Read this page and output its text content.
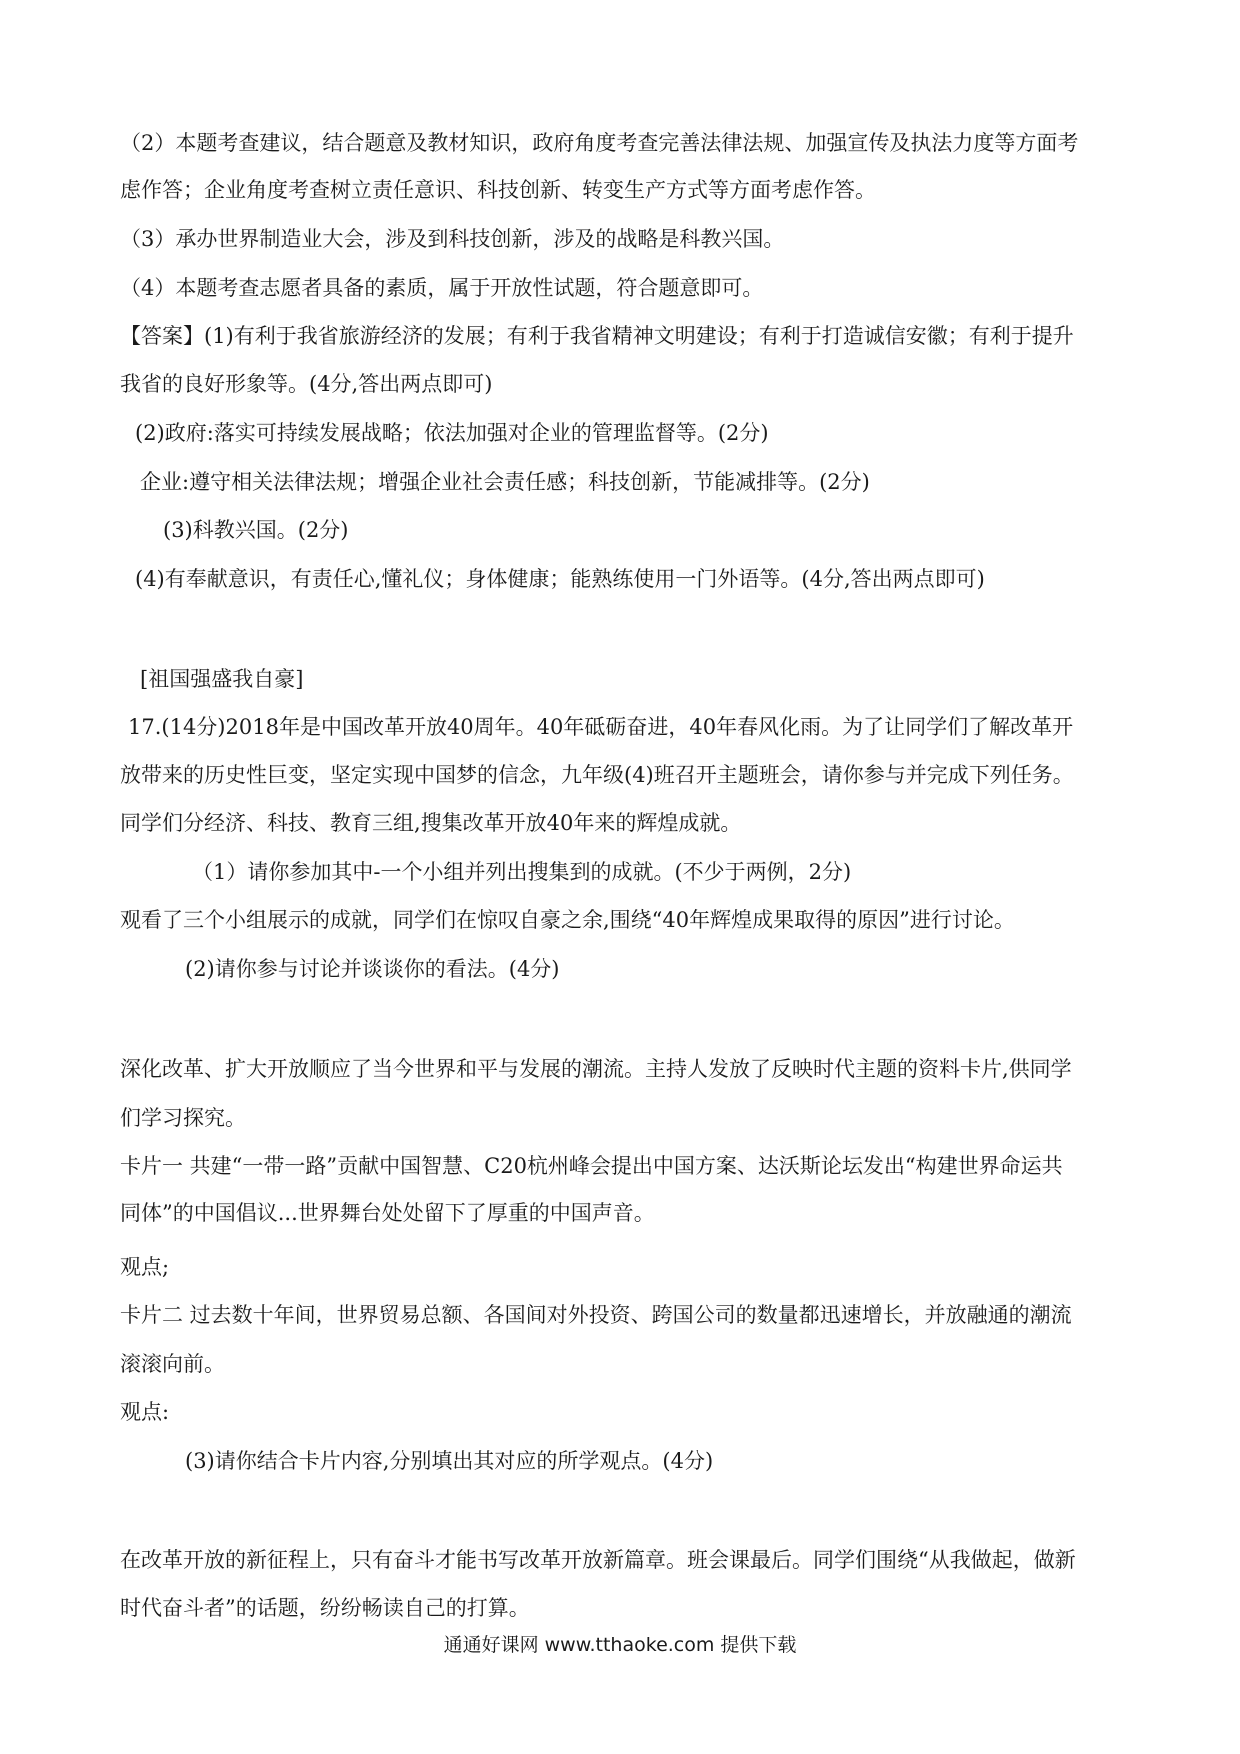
（2）本题考查建议，结合题意及教材知识，政府角度考查完善法律法规、加强宣传及执法力度等方面考
虑作答；企业角度考查树立责任意识、科技创新、转变生产方式等方面考虑作答。
（3）承办世界制造业大会，涉及到科技创新，涉及的战略是科教兴国。
（4）本题考查志愿者具备的素质，属于开放性试题，符合题意即可。
【答案】(1)有利于我省旅游经济的发展；有利于我省精神文明建设；有利于打造诚信安徽；有利于提升
我省的良好形象等。(4分,答出两点即可)
(2)政府:落实可持续发展战略；依法加强对企业的管理监督等。(2分)
企业:遵守相关法律法规；增强企业社会责任感；科技创新，节能减排等。(2分)
(3)科教兴国。(2分)
(4)有奉献意识，有责任心,懂礼仪；身体健康；能熟练使用一门外语等。(4分,答出两点即可)
[祖国强盛我自豪]
17.(14分)2018年是中国改革开放40周年。40年砥砺奋进，40年春风化雨。为了让同学们了解改革开
放带来的历史性巨变，坚定实现中国梦的信念，九年级(4)班召开主题班会，请你参与并完成下列任务。
同学们分经济、科技、教育三组,搜集改革开放40年来的辉煌成就。
（1）请你参加其中-一个小组并列出搜集到的成就。(不少于两例，2分)
观看了三个小组展示的成就，同学们在惊叹自豪之余,围绕“40年辉煌成果取得的原因”进行讨论。
(2)请你参与讨论并谈谈你的看法。(4分)
深化改革、扩大开放顺应了当今世界和平与发展的潮流。主持人发放了反映时代主题的资料卡片,供同学
们学习探究。
卡片一 共建“一带一路”贡献中国智慧、C20杭州峰会提出中国方案、达沃斯论坛发出“构建世界命运共
同体”的中国倡议...世界舞台处处留下了厚重的中国声音。
观点;
卡片二 过去数十年间，世界贸易总额、各国间对外投资、跨国公司的数量都迅速增长，并放融通的潮流
滚滚向前。
观点:
(3)请你结合卡片内容,分别填出其对应的所学观点。(4分)
在改革开放的新征程上，只有奋斗才能书写改革开放新篇章。班会课最后。同学们围绕“从我做起，做新
时代奋斗者”的话题，纷纷畅读自己的打算。
通通好课网 www.tthaoke.com 提供下载
